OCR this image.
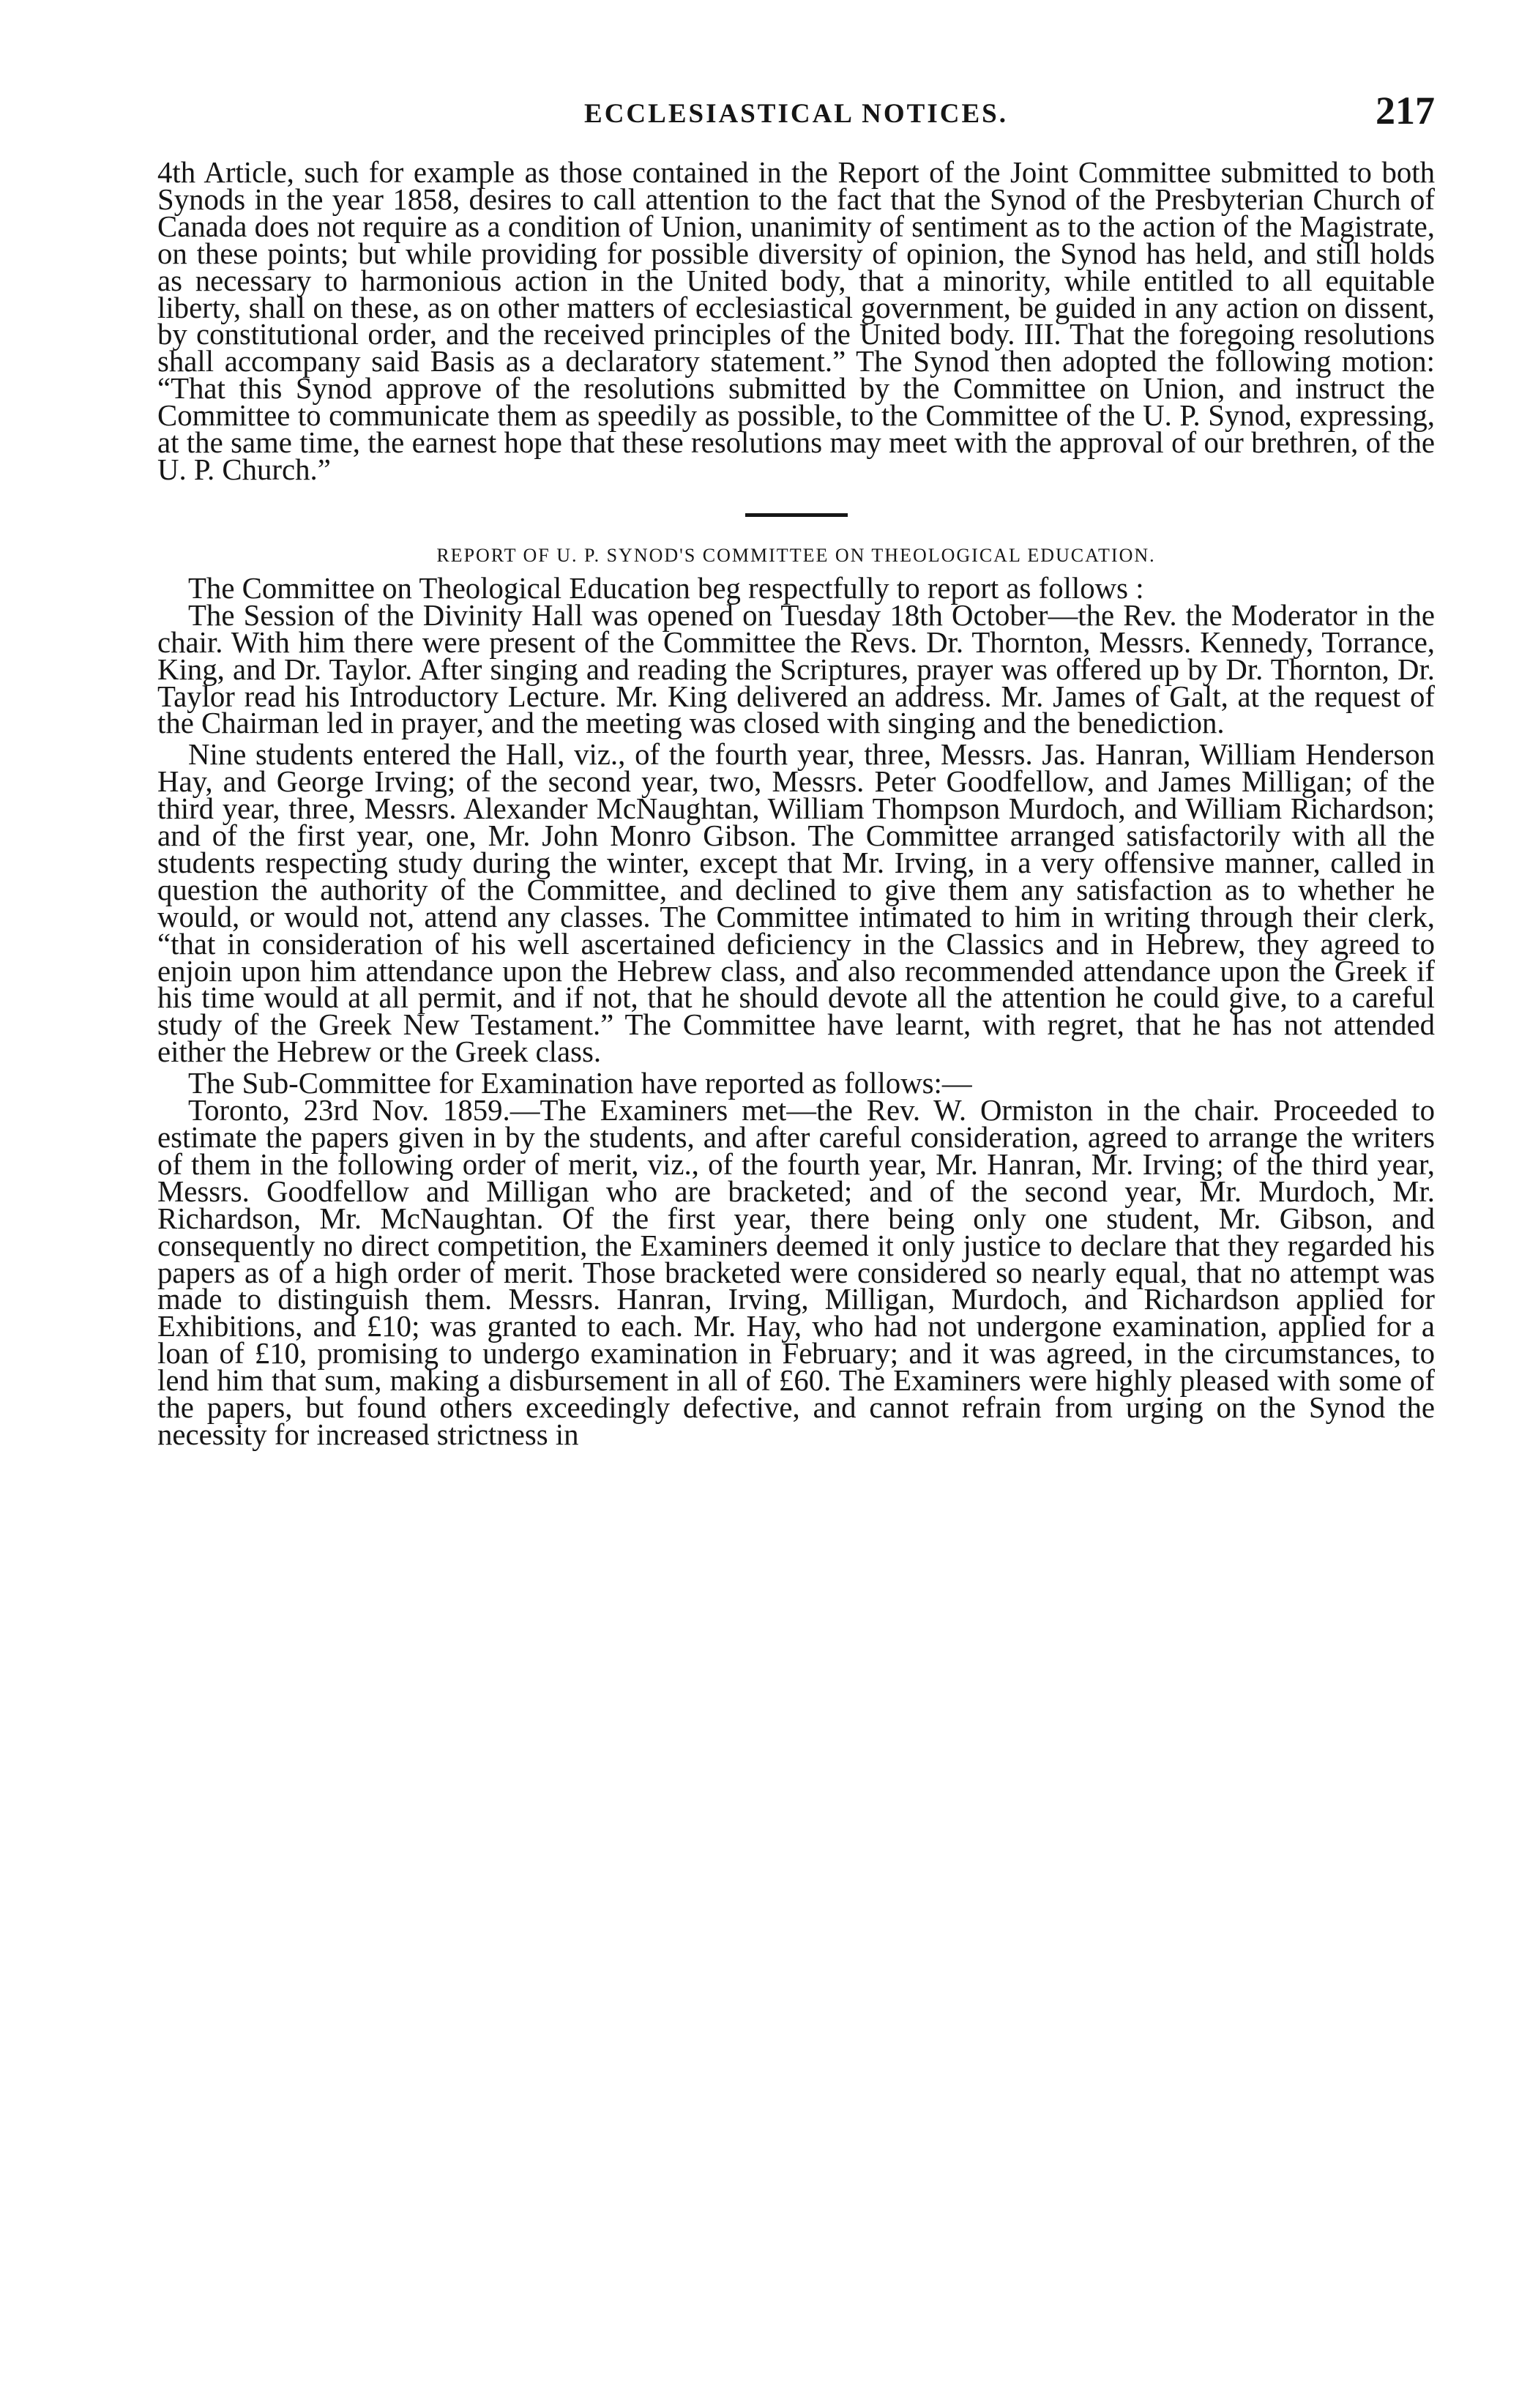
ECCLESIASTICAL NOTICES.	217

4th Article, such for example as those contained in the Report of the Joint Committee submitted to both Synods in the year 1858, desires to call attention to the fact that the Synod of the Presbyterian Church of Canada does not require as a condition of Union, unanimity of sentiment as to the action of the Magistrate, on these points; but while providing for possible diversity of opinion, the Synod has held, and still holds as necessary to harmonious action in the United body, that a minority, while entitled to all equitable liberty, shall on these, as on other matters of ecclesiastical government, be guided in any action on dissent, by constitutional order, and the received principles of the United body. III. That the foregoing resolutions shall accompany said Basis as a declaratory statement.” The Synod then adopted the following motion: “That this Synod approve of the resolutions submitted by the Committee on Union, and instruct the Committee to communicate them as speedily as possible, to the Committee of the U. P. Synod, expressing, at the same time, the earnest hope that these resolutions may meet with the approval of our brethren, of the U. P. Church.”

REPORT OF U. P. SYNOD'S COMMITTEE ON THEOLOGICAL EDUCATION.

The Committee on Theological Education beg respectfully to report as follows :

The Session of the Divinity Hall was opened on Tuesday 18th October—the Rev. the Moderator in the chair. With him there were present of the Committee the Revs. Dr. Thornton, Messrs. Kennedy, Torrance, King, and Dr. Taylor. After singing and reading the Scriptures, prayer was offered up by Dr. Thornton, Dr. Taylor read his Introductory Lecture. Mr. King delivered an address. Mr. James of Galt, at the request of the Chairman led in prayer, and the meeting was closed with singing and the benediction.

Nine students entered the Hall, viz., of the fourth year, three, Messrs. Jas. Hanran, William Henderson Hay, and George Irving; of the second year, two, Messrs. Peter Goodfellow, and James Milligan; of the third year, three, Messrs. Alexander McNaughtan, William Thompson Murdoch, and William Richardson; and of the first year, one, Mr. John Monro Gibson. The Committee arranged satisfactorily with all the students respecting study during the winter, except that Mr. Irving, in a very offensive manner, called in question the authority of the Committee, and declined to give them any satisfaction as to whether he would, or would not, attend any classes. The Committee intimated to him in writing through their clerk, “that in consideration of his well ascertained deficiency in the Classics and in Hebrew, they agreed to enjoin upon him attendance upon the Hebrew class, and also recommended attendance upon the Greek if his time would at all permit, and if not, that he should devote all the attention he could give, to a careful study of the Greek New Testament.” The Committee have learnt, with regret, that he has not attended either the Hebrew or the Greek class.

The Sub-Committee for Examination have reported as follows:—

Toronto, 23rd Nov. 1859.—The Examiners met—the Rev. W. Ormiston in the chair. Proceeded to estimate the papers given in by the students, and after careful consideration, agreed to arrange the writers of them in the following order of merit, viz., of the fourth year, Mr. Hanran, Mr. Irving; of the third year, Messrs. Goodfellow and Milligan who are bracketed; and of the second year, Mr. Murdoch, Mr. Richardson, Mr. McNaughtan. Of the first year, there being only one student, Mr. Gibson, and consequently no direct competition, the Examiners deemed it only justice to declare that they regarded his papers as of a high order of merit. Those bracketed were considered so nearly equal, that no attempt was made to distinguish them. Messrs. Hanran, Irving, Milligan, Murdoch, and Richardson applied for Exhibitions, and £10; was granted to each. Mr. Hay, who had not undergone examination, applied for a loan of £10, promising to undergo examination in February; and it was agreed, in the circumstances, to lend him that sum, making a disbursement in all of £60. The Examiners were highly pleased with some of the papers, but found others exceedingly defective, and cannot refrain from urging on the Synod the necessity for increased strictness in
